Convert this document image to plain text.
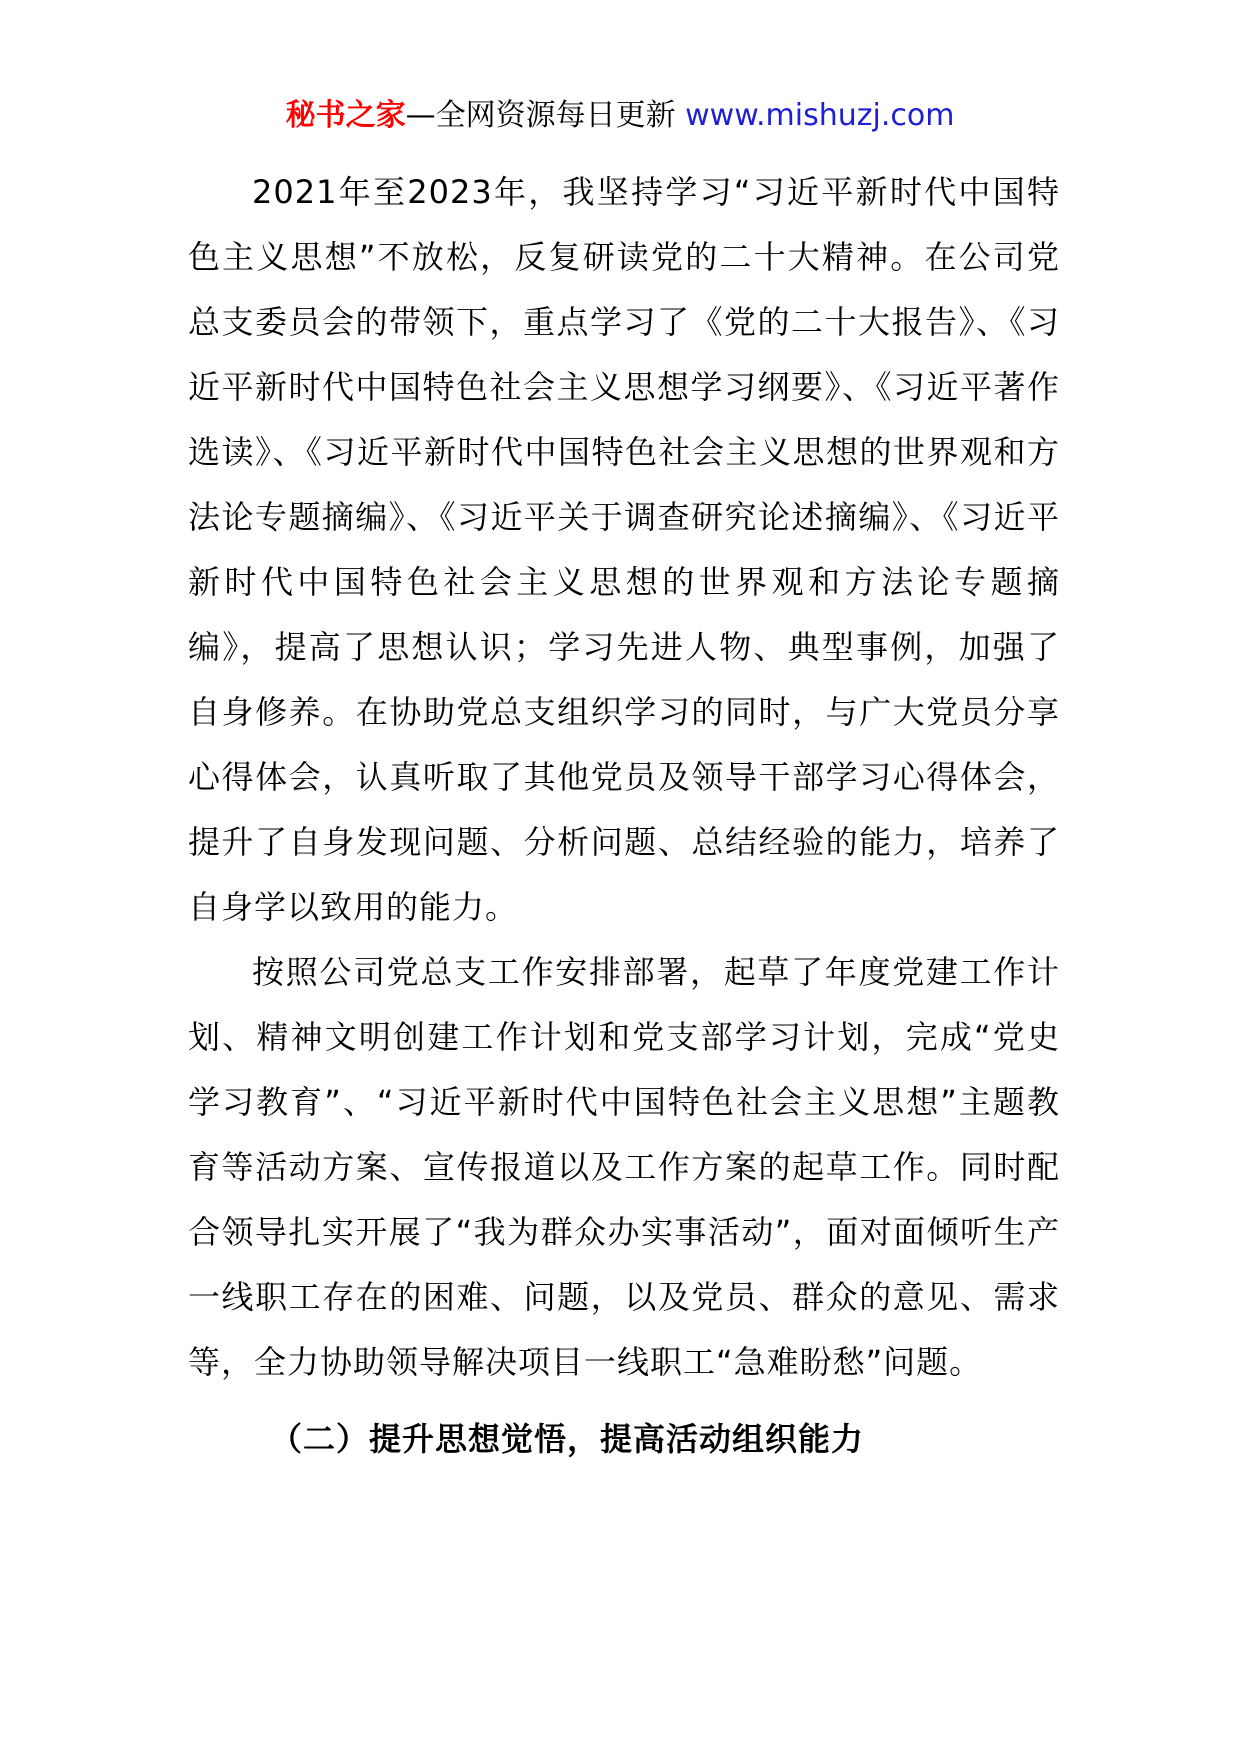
秘书之家—全网资源每日更新 www.mishuzj.com

2021年至2023年，我坚持学习“习近平新时代中国特色主义思想”不放松，反复研读党的二十大精神。在公司党总支委员会的带领下，重点学习了《党的二十大报告》、《习近平新时代中国特色社会主义思想学习纲要》、《习近平著作选读》、《习近平新时代中国特色社会主义思想的世界观和方法论专题摘编》、《习近平关于调查研究论述摘编》、《习近平新时代中国特色社会主义思想的世界观和方法论专题摘编》，提高了思想认识；学习先进人物、典型事例，加强了自身修养。在协助党总支组织学习的同时，与广大党员分享心得体会，认真听取了其他党员及领导干部学习心得体会，提升了自身发现问题、分析问题、总结经验的能力，培养了自身学以致用的能力。

按照公司党总支工作安排部署，起草了年度党建工作计划、精神文明创建工作计划和党支部学习计划，完成“党史学习教育”、“习近平新时代中国特色社会主义思想”主题教育等活动方案、宣传报道以及工作方案的起草工作。同时配合领导扎实开展了“我为群众办实事活动”，面对面倾听生产一线职工存在的困难、问题，以及党员、群众的意见、需求等，全力协助领导解决项目一线职工“急难盼愁”问题。

（二）提升思想觉悟，提高活动组织能力
